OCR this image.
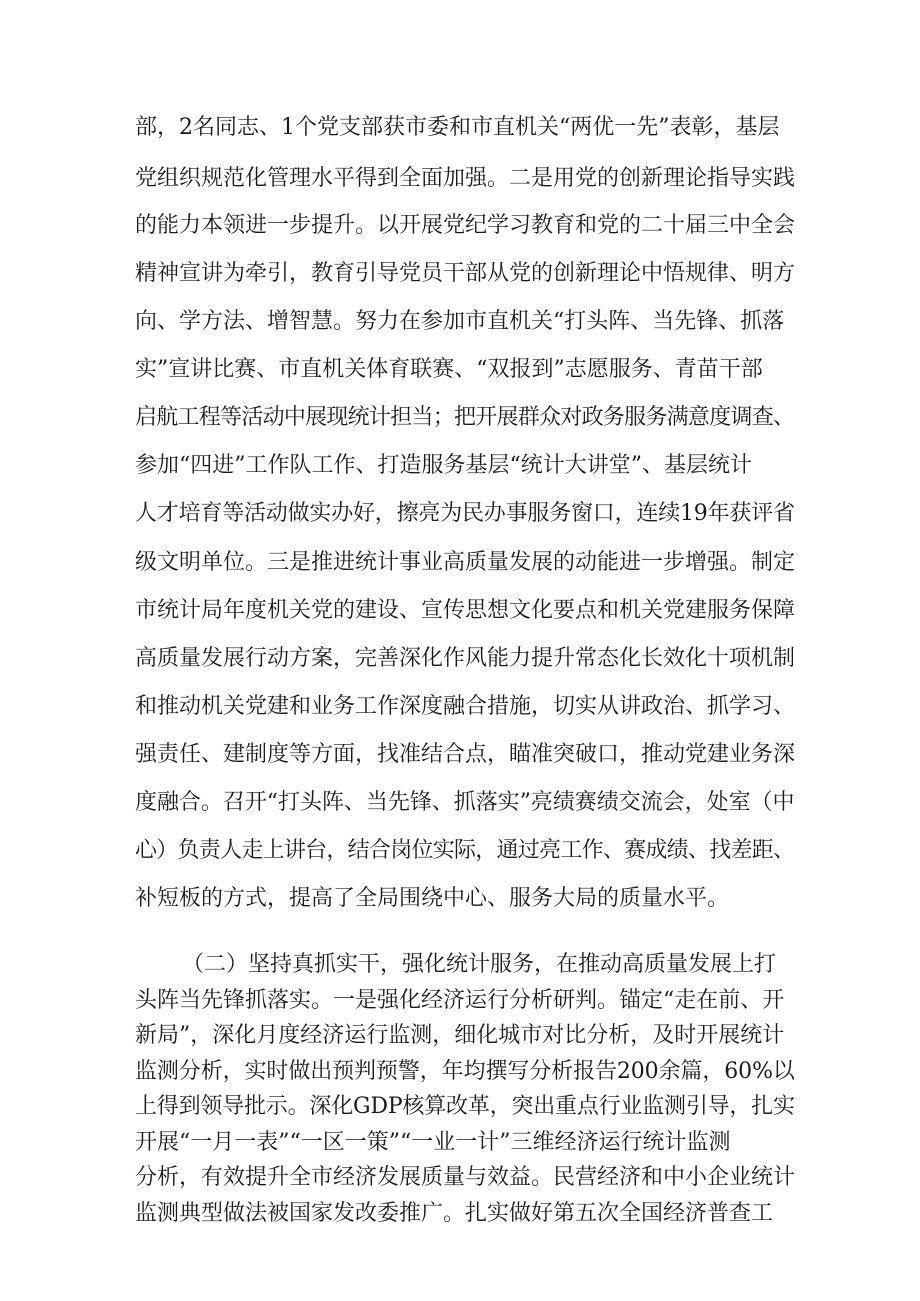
部，2名同志、1个党支部获市委和市直机关“两优一先”表彰，基层
党组织规范化管理水平得到全面加强。二是用党的创新理论指导实践
的能力本领进一步提升。以开展党纪学习教育和党的二十届三中全会
精神宣讲为牵引，教育引导党员干部从党的创新理论中悟规律、明方
向、学方法、增智慧。努力在参加市直机关“打头阵、当先锋、抓落
实”宣讲比赛、市直机关体育联赛、“双报到”志愿服务、青苗干部
启航工程等活动中展现统计担当；把开展群众对政务服务满意度调查、
参加“四进”工作队工作、打造服务基层“统计大讲堂”、基层统计
人才培育等活动做实办好，擦亮为民办事服务窗口，连续19年获评省
级文明单位。三是推进统计事业高质量发展的动能进一步增强。制定
市统计局年度机关党的建设、宣传思想文化要点和机关党建服务保障
高质量发展行动方案，完善深化作风能力提升常态化长效化十项机制
和推动机关党建和业务工作深度融合措施，切实从讲政治、抓学习、
强责任、建制度等方面，找准结合点，瞄准突破口，推动党建业务深
度融合。召开“打头阵、当先锋、抓落实”亮绩赛绩交流会，处室（中
心）负责人走上讲台，结合岗位实际，通过亮工作、赛成绩、找差距、
补短板的方式，提高了全局围绕中心、服务大局的质量水平。
（二）坚持真抓实干，强化统计服务，在推动高质量发展上打
头阵当先锋抓落实。一是强化经济运行分析研判。锚定“走在前、开
新局”，深化月度经济运行监测，细化城市对比分析，及时开展统计
监测分析，实时做出预判预警，年均撰写分析报告200余篇，60%以
上得到领导批示。深化GDP核算改革，突出重点行业监测引导，扎实
开展“一月一表”“一区一策”“一业一计”三维经济运行统计监测
分析，有效提升全市经济发展质量与效益。民营经济和中小企业统计
监测典型做法被国家发改委推广。扎实做好第五次全国经济普查工
